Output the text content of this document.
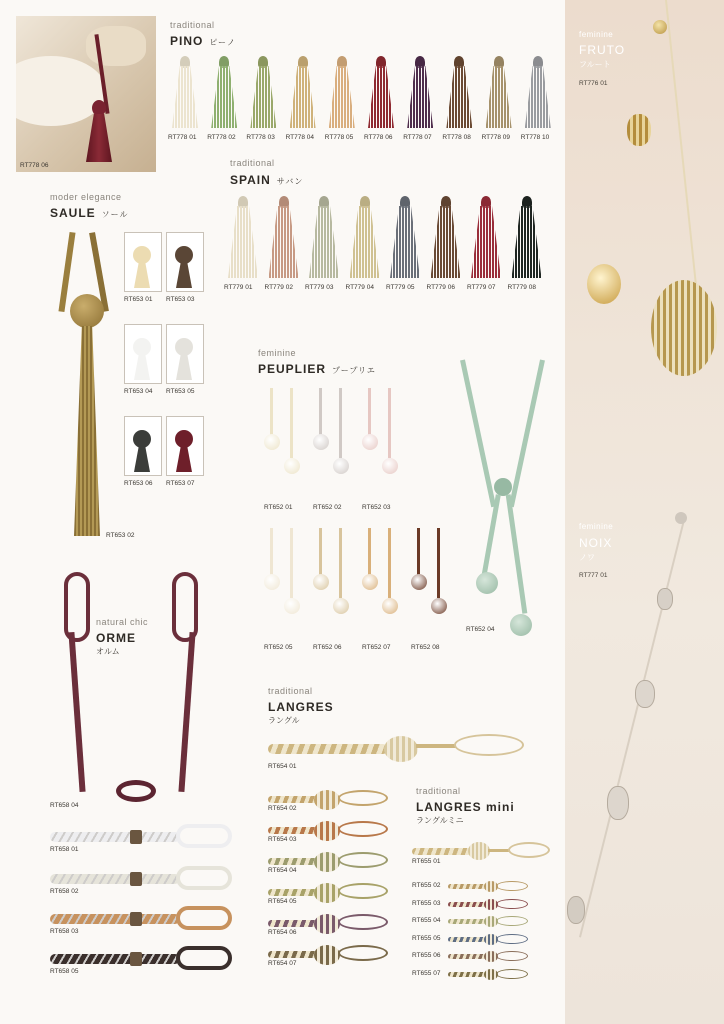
RT778 06
traditional
PINO ピーノ
RT778 01 RT778 02 RT778 03 RT778 04 RT778 05 RT778 06 RT778 07 RT778 08 RT778 09 RT778 10
traditional
SPAIN サバン
RT779 01 RT779 02 RT779 03 RT779 04 RT779 05 RT779 06 RT779 07 RT779 08
moder elegance
SAULE ソール
RT653 02
RT653 01 RT653 03
RT653 04 RT653 05
RT653 06 RT653 07
feminine
PEUPLIER プープリエ
RT652 01	RT652 02	RT652 03
RT652 05	RT652 06	RT652 07	RT652 08
RT652 04
natural chic
ORME
オルム
RT658 04
RT658 01
RT658 02
RT658 03
RT658 05
traditional
LANGRES
ラングル
RT654 01
RT654 02
RT654 03
RT654 04
RT654 05
RT654 06
RT654 07
traditional
LANGRES mini
ラングルミニ
RT655 01
RT655 02
RT655 03
RT655 04
RT655 05
RT655 06
RT655 07
feminine
FRUTO
フルート
RT776 01
feminine
NOIX
ノワ
RT777 01
